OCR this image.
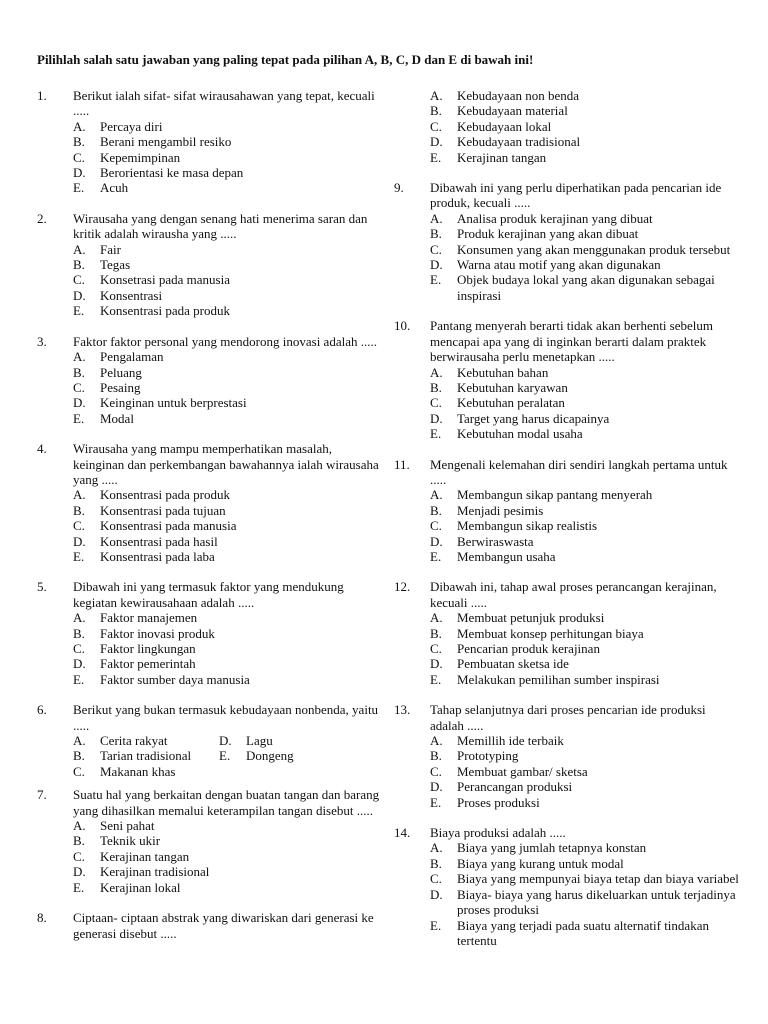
Pilihlah salah satu jawaban yang paling tepat pada pilihan A, B, C, D dan E di bawah ini!
1. Berikut ialah sifat- sifat wirausahawan yang tepat, kecuali .....
A. Percaya diri
B. Berani mengambil resiko
C. Kepemimpinan
D. Berorientasi ke masa depan
E. Acuh
2. Wirausaha yang dengan senang hati menerima saran dan kritik adalah wirausha yang .....
A. Fair
B. Tegas
C. Konsetrasi pada manusia
D. Konsentrasi
E. Konsentrasi pada produk
3. Faktor faktor personal yang mendorong inovasi adalah .....
A. Pengalaman
B. Peluang
C. Pesaing
D. Keinginan untuk berprestasi
E. Modal
4. Wirausaha yang mampu memperhatikan masalah, keinginan dan perkembangan bawahannya ialah wirausaha yang .....
A. Konsentrasi pada produk
B. Konsentrasi pada tujuan
C. Konsentrasi pada manusia
D. Konsentrasi pada hasil
E. Konsentrasi pada laba
5. Dibawah ini yang termasuk faktor yang mendukung kegiatan kewirausahaan adalah .....
A. Faktor manajemen
B. Faktor inovasi produk
C. Faktor lingkungan
D. Faktor pemerintah
E. Faktor sumber daya manusia
6. Berikut yang bukan termasuk kebudayaan nonbenda, yaitu .....
A. Cerita rakyat	D. Lagu
B. Tarian tradisional	E. Dongeng
C. Makanan khas
7. Suatu hal yang berkaitan dengan buatan tangan dan barang yang dihasilkan memalui keterampilan tangan disebut .....
A. Seni pahat
B. Teknik ukir
C. Kerajinan tangan
D. Kerajinan tradisional
E. Kerajinan lokal
8. Ciptaan- ciptaan abstrak yang diwariskan dari generasi ke generasi disebut .....
A. Kebudayaan non benda
B. Kebudayaan material
C. Kebudayaan lokal
D. Kebudayaan tradisional
E. Kerajinan tangan
9. Dibawah ini yang perlu diperhatikan pada pencarian ide produk, kecuali .....
A. Analisa produk kerajinan yang dibuat
B. Produk kerajinan yang akan dibuat
C. Konsumen yang akan menggunakan produk tersebut
D. Warna atau motif yang akan digunakan
E. Objek budaya lokal yang akan digunakan sebagai inspirasi
10. Pantang menyerah berarti tidak akan berhenti sebelum mencapai apa yang di inginkan berarti dalam praktek berwirausaha perlu menetapkan .....
A. Kebutuhan bahan
B. Kebutuhan karyawan
C. Kebutuhan peralatan
D. Target yang harus dicapainya
E. Kebutuhan modal usaha
11. Mengenali kelemahan diri sendiri langkah pertama untuk .....
A. Membangun sikap pantang menyerah
B. Menjadi pesimis
C. Membangun sikap realistis
D. Berwiraswasta
E. Membangun usaha
12. Dibawah ini, tahap awal proses perancangan kerajinan, kecuali .....
A. Membuat petunjuk produksi
B. Membuat konsep perhitungan biaya
C. Pencarian produk kerajinan
D. Pembuatan sketsa ide
E. Melakukan pemilihan sumber inspirasi
13. Tahap selanjutnya dari proses pencarian ide produksi adalah .....
A. Memillih ide terbaik
B. Prototyping
C. Membuat gambar/ sketsa
D. Perancangan produksi
E. Proses produksi
14. Biaya produksi adalah .....
A. Biaya yang jumlah tetapnya konstan
B. Biaya yang kurang untuk modal
C. Biaya yang mempunyai biaya tetap dan biaya variabel
D. Biaya- biaya yang harus dikeluarkan untuk terjadinya proses produksi
E. Biaya yang terjadi pada suatu alternatif tindakan tertentu
